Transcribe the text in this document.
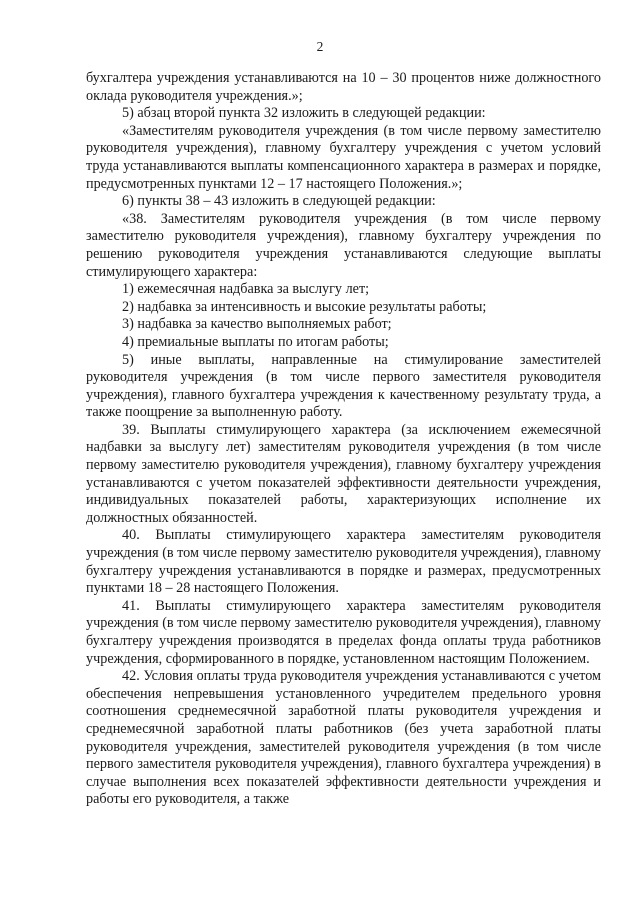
2

бухгалтера учреждения устанавливаются на 10 – 30 процентов ниже должностного оклада руководителя учреждения.»;

5) абзац второй пункта 32 изложить в следующей редакции:

«Заместителям руководителя учреждения (в том числе первому заместителю руководителя учреждения), главному бухгалтеру учреждения с учетом условий труда устанавливаются выплаты компенсационного характера в размерах и порядке, предусмотренных пунктами 12 – 17 настоящего Положения.»;

6) пункты 38 – 43 изложить в следующей редакции:

«38. Заместителям руководителя учреждения (в том числе первому заместителю руководителя учреждения), главному бухгалтеру учреждения по решению руководителя учреждения устанавливаются следующие выплаты стимулирующего характера:

1) ежемесячная надбавка за выслугу лет;

2) надбавка за интенсивность и высокие результаты работы;

3) надбавка за качество выполняемых работ;

4) премиальные выплаты по итогам работы;

5) иные выплаты, направленные на стимулирование заместителей руководителя учреждения (в том числе первого заместителя руководителя учреждения), главного бухгалтера учреждения к качественному результату труда, а также поощрение за выполненную работу.

39. Выплаты стимулирующего характера (за исключением ежемесячной надбавки за выслугу лет) заместителям руководителя учреждения (в том числе первому заместителю руководителя учреждения), главному бухгалтеру учреждения устанавливаются с учетом показателей эффективности деятельности учреждения, индивидуальных показателей работы, характеризующих исполнение их должностных обязанностей.

40. Выплаты стимулирующего характера заместителям руководителя учреждения (в том числе первому заместителю руководителя учреждения), главному бухгалтеру учреждения устанавливаются в порядке и размерах, предусмотренных пунктами 18 – 28 настоящего Положения.

41. Выплаты стимулирующего характера заместителям руководителя учреждения (в том числе первому заместителю руководителя учреждения), главному бухгалтеру учреждения производятся в пределах фонда оплаты труда работников учреждения, сформированного в порядке, установленном настоящим Положением.

42. Условия оплаты труда руководителя учреждения устанавливаются с учетом обеспечения непревышения установленного учредителем предельного уровня соотношения среднемесячной заработной платы руководителя учреждения и среднемесячной заработной платы работников (без учета заработной платы руководителя учреждения, заместителей руководителя учреждения (в том числе первого заместителя руководителя учреждения), главного бухгалтера учреждения) в случае выполнения всех показателей эффективности деятельности учреждения и работы его руководителя, а также
